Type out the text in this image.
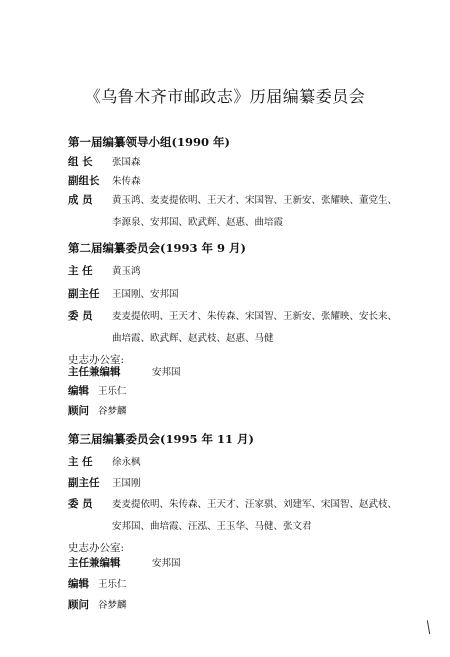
《乌鲁木齐市邮政志》历届编纂委员会
第一届编纂领导小组(1990 年)
组 长 张国森
副组长 朱传森
成 员 黄玉鸿、麦麦提依明、王天才、宋国智、王新安、张耀映、董党生、
李源泉、安邦国、欧武辉、赵惠、曲培霞
第二届编纂委员会(1993 年 9 月)
主 任 黄玉鸿
副主任 王国刚、安邦国
委 员 麦麦提依明、王天才、朱传森、宋国智、王新安、张耀映、安长来、
曲培霞、欧武辉、赵武枝、赵惠、马健
史志办公室:
主任兼编辑	安邦国
编辑 王乐仁
顾问 谷梦麟
第三届编纂委员会(1995 年 11 月)
主 任 徐永枫
副主任 王国刚
委 员 麦麦提依明、朱传森、王天才、汪家骐、刘建军、宋国智、赵武枝、
安邦国、曲培霞、汪泓、王玉华、马健、张文君
史志办公室:
主任兼编辑	安邦国
编辑 王乐仁
顾问 谷梦麟
